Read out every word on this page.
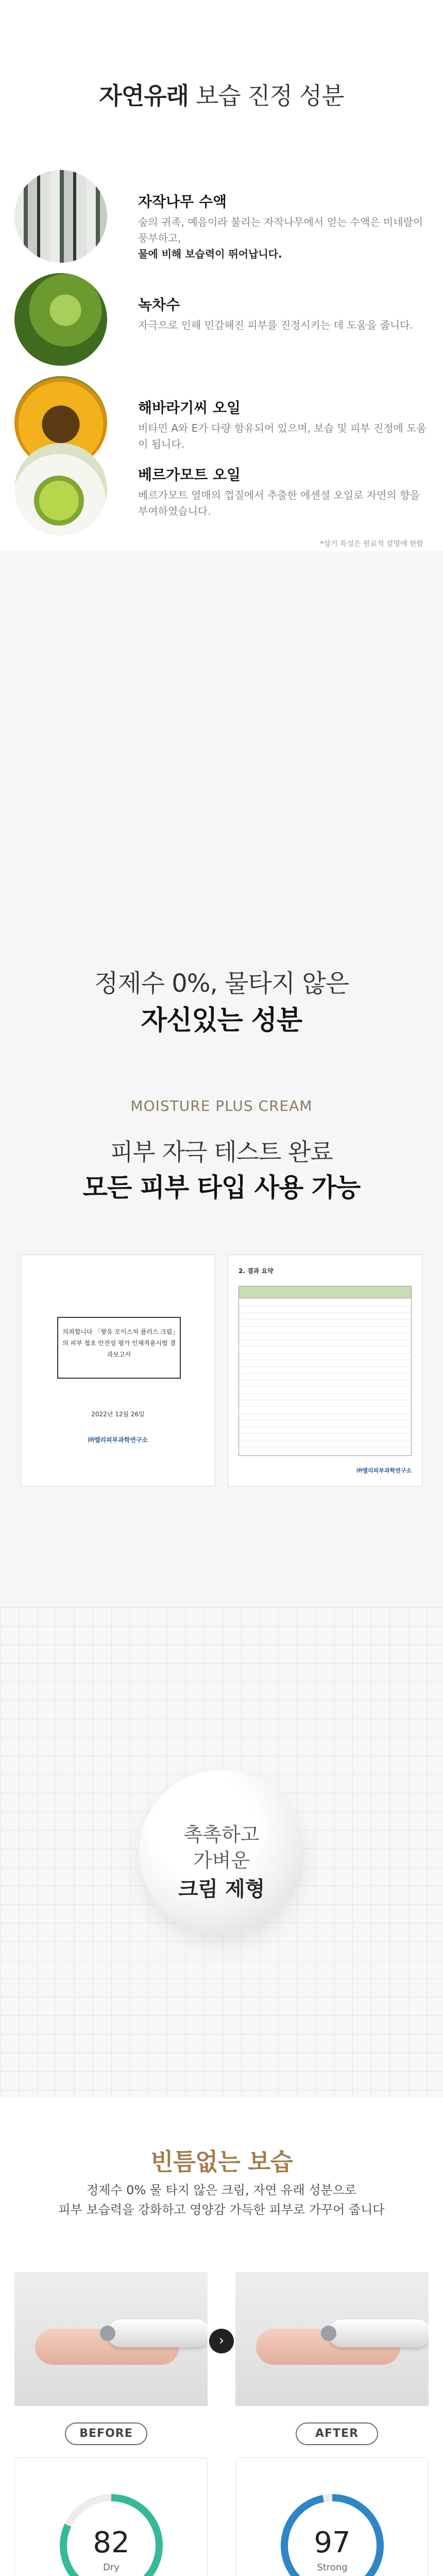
자연유래 보습 진정 성분
자작나무 수액
숲의 귀족, 예음이라 불리는 자작나무에서 얻는 수액은 미네랄이 풍부하고,
물에 비해 보습력이 뛰어납니다.
녹차수
자극으로 인해 민감해진 피부를 진정시키는 데 도움을 줍니다.
해바라기씨 오일
비타민 A와 E가 다량 함유되어 있으며, 보습 및 피부 진정에 도움이 됩니다.
베르가모트 오일
베르가모트 열매의 껍질에서 추출한 에센셜 오일로 자연의 향을 부여하였습니다.
*상기 특성은 원료적 설명에 한함
정제수 0%, 물타지 않은
자신있는 성분
MOISTURE PLUS CREAM
피부 자극 테스트 완료
모든 피부 타입 사용 가능
의뢰합니다 「향유 모이스처 플러스 크림」의 피부 첩포 안전성 평가 인체적용시험 결과보고서
2022년 12월 26일
㈜엘리피부과학연구소
2. 결과 요약
㈜엘리피부과학연구소
촉촉하고
가벼운
크림 제형
빈틈없는 보습
정제수 0% 물 타지 않은 크림, 자연 유래 성분으로
피부 보습력을 강화하고 영양감 가득한 피부로 가꾸어 줍니다
›
BEFORE	AFTER
82
Dry
97
Strong
